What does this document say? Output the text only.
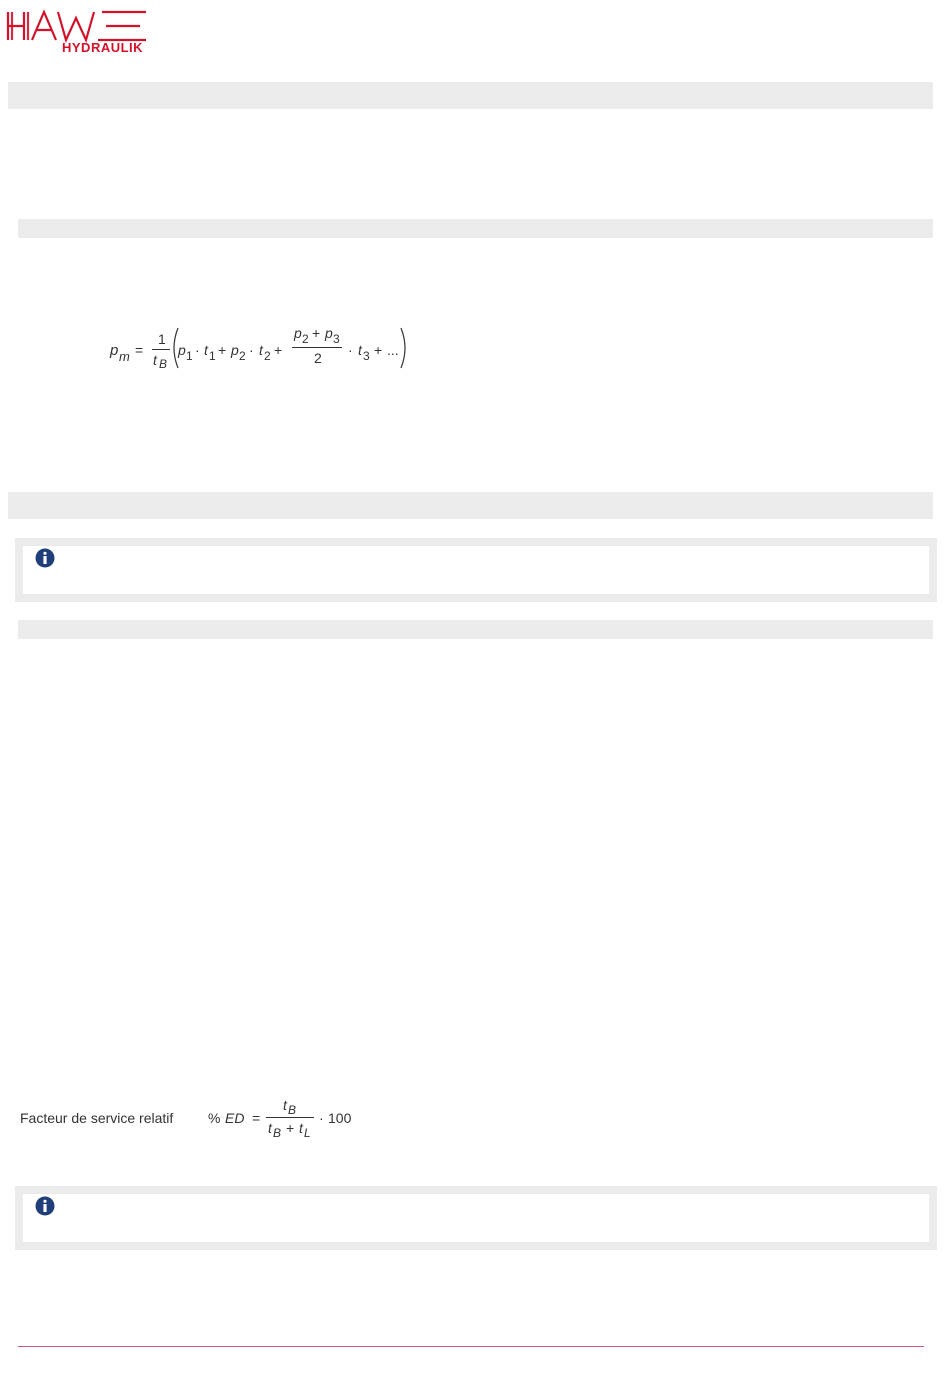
HYDRAULIK
p m =
1
t B
p 1 · t 1 + p 2 · t 2 +
p 2 + p 3
2 · t 3 + ...
Facteur de service relatif % ED =
t B
t B + t L
· 100
